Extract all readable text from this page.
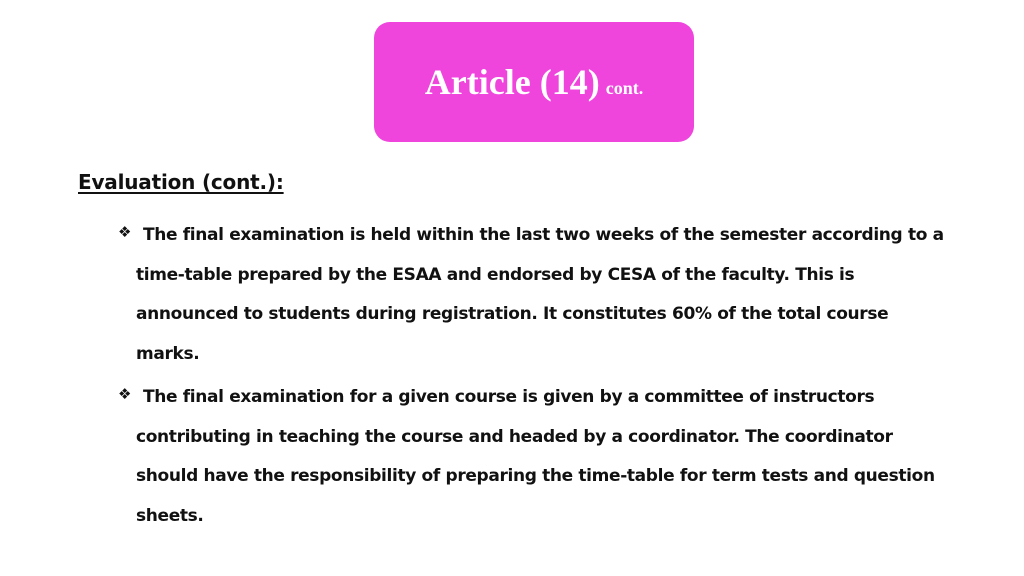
Article (14) cont.
Evaluation (cont.):
❖ The final examination is held within the last two weeks of the semester according to a time-table prepared by the ESAA and endorsed by CESA of the faculty. This is announced to students during registration. It constitutes 60% of the total course marks.
❖ The final examination for a given course is given by a committee of instructors contributing in teaching the course and headed by a coordinator. The coordinator should have the responsibility of preparing the time-table for term tests and question sheets.
